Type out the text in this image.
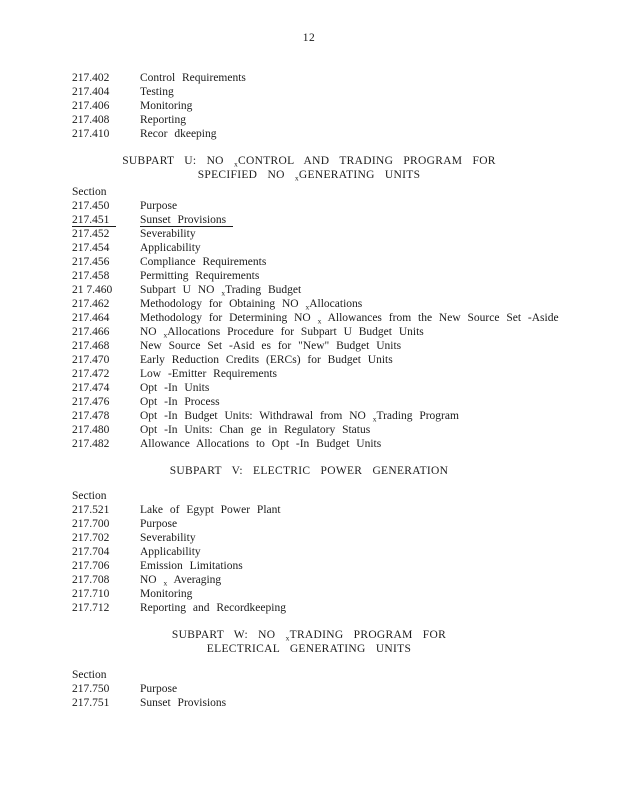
12
217.402	Control Requirements
217.404	Testing
217.406	Monitoring
217.408	Reporting
217.410	Recor dkeeping
SUBPART U: NO $_x$CONTROL AND TRADING PROGRAM FOR
SPECIFIED NO $_x$GENERATING UNITS
Section
217.450	Purpose
217.451	Sunset Provisions
217.452	Severability
217.454	Applicability
217.456	Compliance Requirements
217.458	Permitting Requirements
21 7.460	Subpart U NO $_x$Trading Budget
217.462	Methodology for Obtaining NO $_x$Allocations
217.464	Methodology for Determining NO $_x$ Allowances from the New Source Set -Aside
217.466	NO $_x$Allocations Procedure for Subpart U Budget Units
217.468	New Source Set -Asid es for "New" Budget Units
217.470	Early Reduction Credits (ERCs) for Budget Units
217.472	Low -Emitter Requirements
217.474	Opt -In Units
217.476	Opt -In Process
217.478	Opt -In Budget Units: Withdrawal from NO $_x$Trading Program
217.480	Opt -In Units: Chan ge in Regulatory Status
217.482	Allowance Allocations to Opt -In Budget Units
SUBPART V: ELECTRIC POWER GENERATION
Section
217.521	Lake of Egypt Power Plant
217.700	Purpose
217.702	Severability
217.704	Applicability
217.706	Emission Limitations
217.708	NO $_x$ Averaging
217.710	Monitoring
217.712	Reporting and Recordkeeping
SUBPART W: NO $_x$TRADING PROGRAM FOR
ELECTRICAL GENERATING UNITS
Section
217.750	Purpose
217.751	Sunset Provisions
